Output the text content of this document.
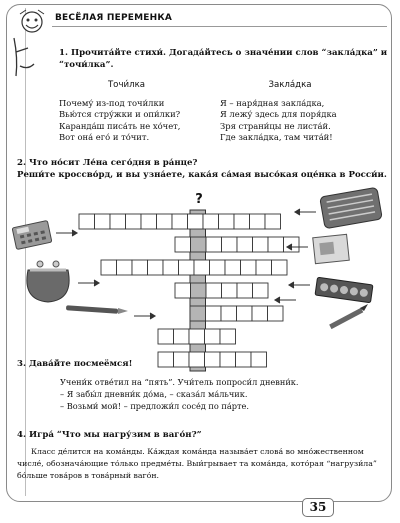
ВЕСЁЛАЯ ПЕРЕМЕНКА
1. Прочита́йте стихи́. Догада́йтесь о значе́нии слов “закла́дка” и
“точи́лка”.
Точи́лка
Почему́ из-под точи́лки
Вью́тся стру́жки и опи́лки?
Каранда́ш писа́ть не хо́чет,
Вот она́ его́ и то́чит.
Закла́дка
Я – наря́дная закла́дка,
Я лежу́ здесь для поря́дка
Зря страни́цы не листа́й.
Где закла́дка, там чита́й!
2. Что но́сит Ле́на сего́дня в ра́нце?
Реши́те кроссво́рд, и вы узна́ете, кака́я са́мая высо́кая оце́нка в Росси́и.
?
3. Дава́йте посмеёмся!
Учени́к отве́тил на “пять”. Учи́тель попроси́л дневни́к.
– Я забы́л дневни́к до́ма, – сказа́л ма́льчик.
– Возьми́ мой! – предложи́л сосе́д по па́рте.
4. Игра́ “Что мы нагру́зим в ваго́н?”
Класс де́лится на кома́нды. Ка́ждая кома́нда называ́ет слова́ во мно́жественном
числе́, обознача́ющие то́лько предме́ты. Выи́грывает та кома́нда, кото́рая “нагрузи́ла”
бо́льше това́ров в това́рный ваго́н.
35
